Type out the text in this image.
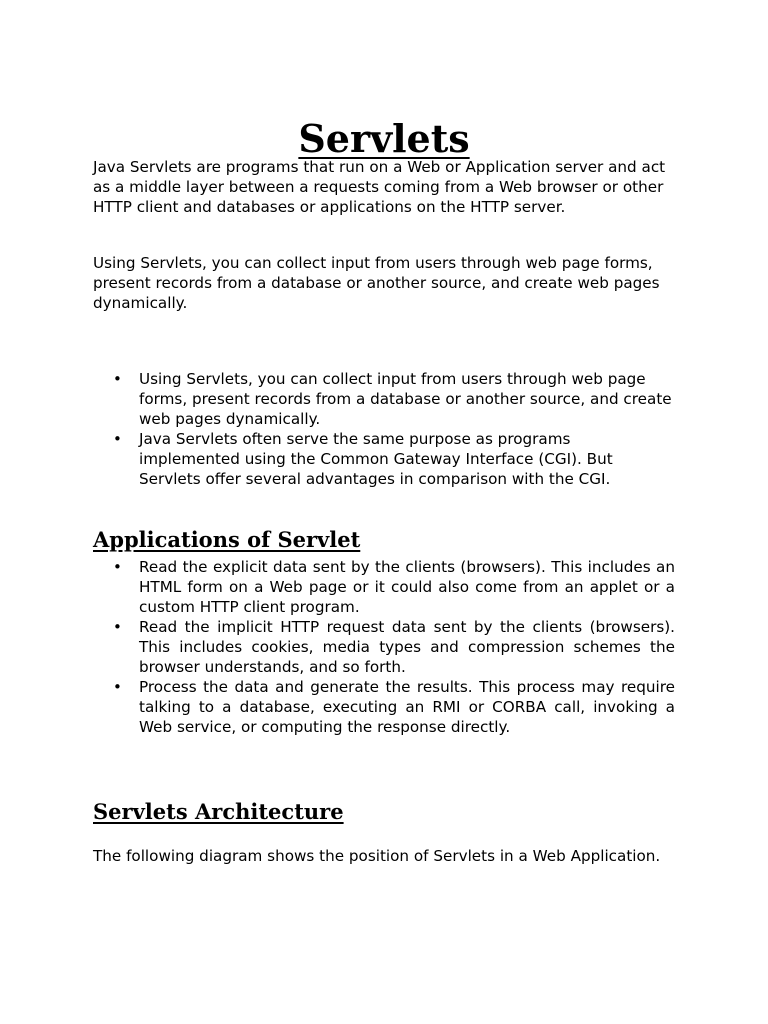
Servlets

Java Servlets are programs that run on a Web or Application server and act as a middle layer between a requests coming from a Web browser or other HTTP client and databases or applications on the HTTP server.

Using Servlets, you can collect input from users through web page forms, present records from a database or another source, and create web pages dynamically.

• Using Servlets, you can collect input from users through web page forms, present records from a database or another source, and create web pages dynamically.
• Java Servlets often serve the same purpose as programs implemented using the Common Gateway Interface (CGI). But Servlets offer several advantages in comparison with the CGI.
Applications of Servlet
• Read the explicit data sent by the clients (browsers). This includes an HTML form on a Web page or it could also come from an applet or a custom HTTP client program.
• Read the implicit HTTP request data sent by the clients (browsers). This includes cookies, media types and compression schemes the browser understands, and so forth.
• Process the data and generate the results. This process may require talking to a database, executing an RMI or CORBA call, invoking a Web service, or computing the response directly.
Servlets Architecture

The following diagram shows the position of Servlets in a Web Application.
